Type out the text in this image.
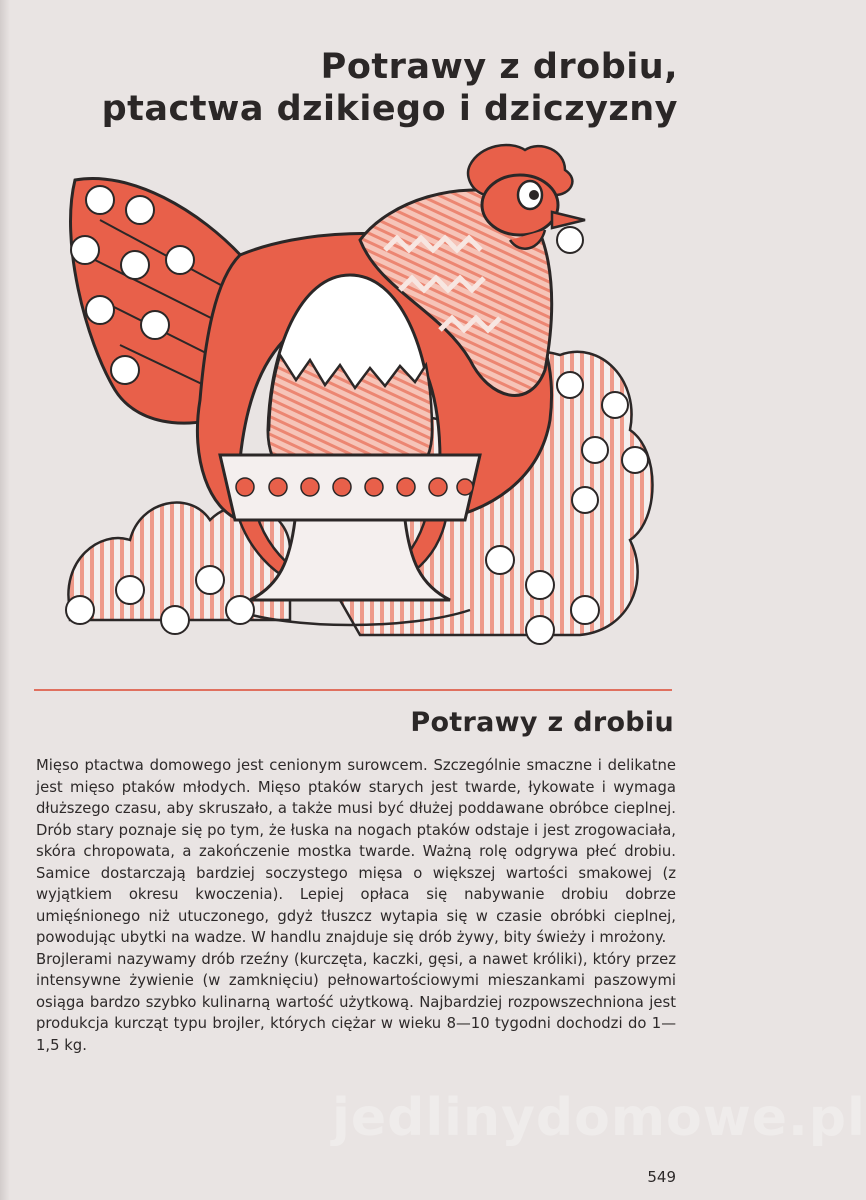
Potrawy z drobiu,
ptactwa dzikiego i dziczyzny
Potrawy z drobiu

Mięso ptactwa domowego jest cenionym surowcem. Szczególnie smaczne i delikatne jest mięso ptaków młodych. Mięso ptaków starych jest twarde, łykowate i wymaga dłuższego czasu, aby skruszało, a także musi być dłużej poddawane obróbce cieplnej. Drób stary poznaje się po tym, że łuska na nogach ptaków odstaje i jest zrogowaciała, skóra chropowata, a zakończenie mostka twarde. Ważną rolę odgrywa płeć drobiu. Samice dostarczają bardziej soczystego mięsa o większej wartości smakowej (z wyjątkiem okresu kwoczenia). Lepiej opłaca się nabywanie drobiu dobrze umięśnionego niż utuczonego, gdyż tłuszcz wytapia się w czasie obróbki cieplnej, powodując ubytki na wadze. W handlu znajduje się drób żywy, bity świeży i mrożony.

Brojlerami nazywamy drób rzeźny (kurczęta, kaczki, gęsi, a nawet króliki), który przez intensywne żywienie (w zamknięciu) pełnowartościowymi mieszankami paszowymi osiąga bardzo szybko kulinarną wartość użytkową. Najbardziej rozpowszechniona jest produkcja kurcząt typu brojler, których ciężar w wieku 8—10 tygodni dochodzi do 1—1,5 kg.

jedlinydomowe.pl
549
